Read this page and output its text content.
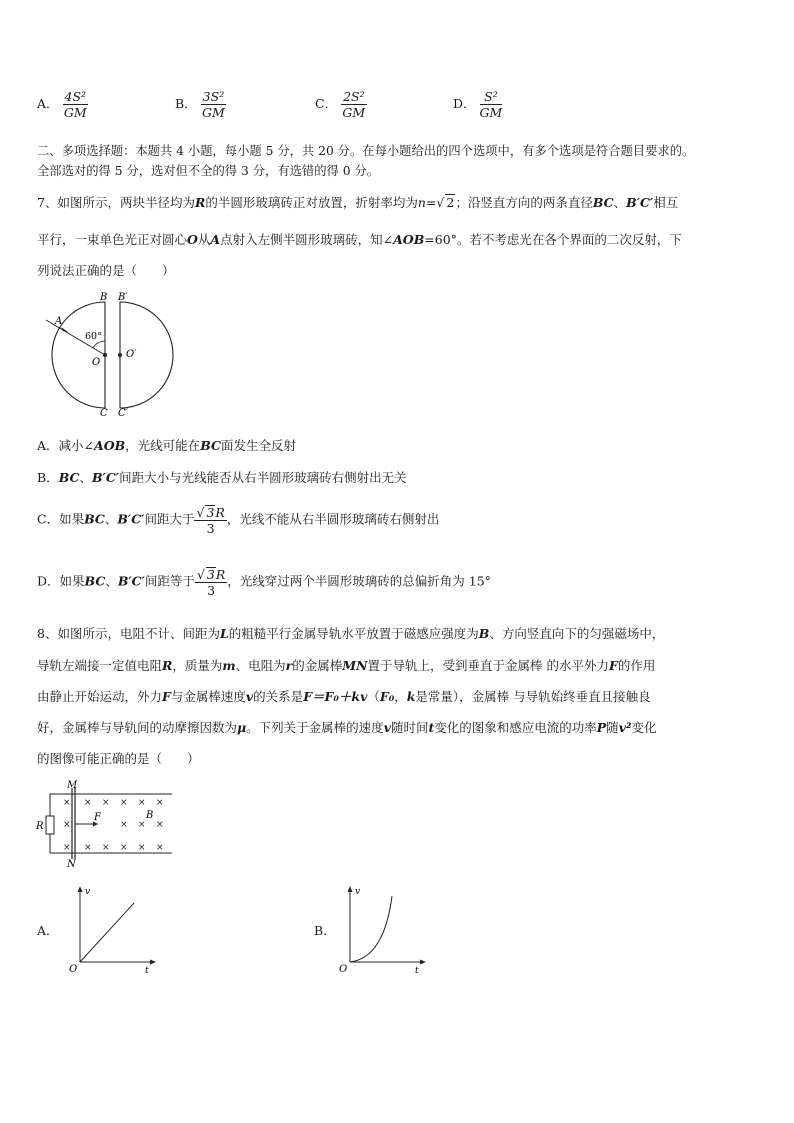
A． $\frac{\text{4S²}}{GM}$	B． $\frac{\text{3S²}}{GM}$	C． $\frac{\text{2S²}}{GM}$	D． $\frac{\text{S²}}{GM}$
二、多项选择题：本题共 4 小题，每小题 5 分，共 20 分。在每小题给出的四个选项中，有多个选项是符合题目要求的。
全部选对的得 5 分，选对但不全的得 3 分，有选错的得 0 分。
7、如图所示，两块半径均为R的半圆形玻璃砖正对放置，折射率均为n=√ 2；沿竖直方向的两条直径BC、B′C′相互
平行，一束单色光正对圆心O从A点射入左侧半圆形玻璃砖，知∠AOB=60°。若不考虑光在各个界面的二次反射，下
列说法正确的是（　　）
B B′
A
60°
O
O′
C C′
A．减小∠AOB，光线可能在BC面发生全反射
B．BC、B′C′间距大小与光线能否从右半圆形玻璃砖右侧射出无关
C．如果BC、B′C′间距大于 $\frac{√ 3R}{3}$ ，光线不能从右半圆形玻璃砖右侧射出
D．如果BC、B′C′间距等于 $\frac{√ 3R}{3}$ ，光线穿过两个半圆形玻璃砖的总偏折角为 15°
8、如图所示，电阻不计、间距为L的粗糙平行金属导轨水平放置于磁感应强度为B、方向竖直向下的匀强磁场中，
导轨左端接一定值电阻R，质量为m、电阻为r的金属棒MN置于导轨上，受到垂直于金属棒 的水平外力F的作用
由静止开始运动，外力F与金属棒速度v的关系是F＝F₀＋kv（F₀，k是常量），金属棒 与导轨始终垂直且接触良
好，金属棒与导轨间的动摩擦因数为μ。下列关于金属棒的速度v随时间t变化的图象和感应电流的功率P随v²变化
的图像可能正确的是（　　）
× × × × × ×
×	× × ×
× × × × × ×
M
N
R
F	B
A．
v
t
O
B．
v
t
O
